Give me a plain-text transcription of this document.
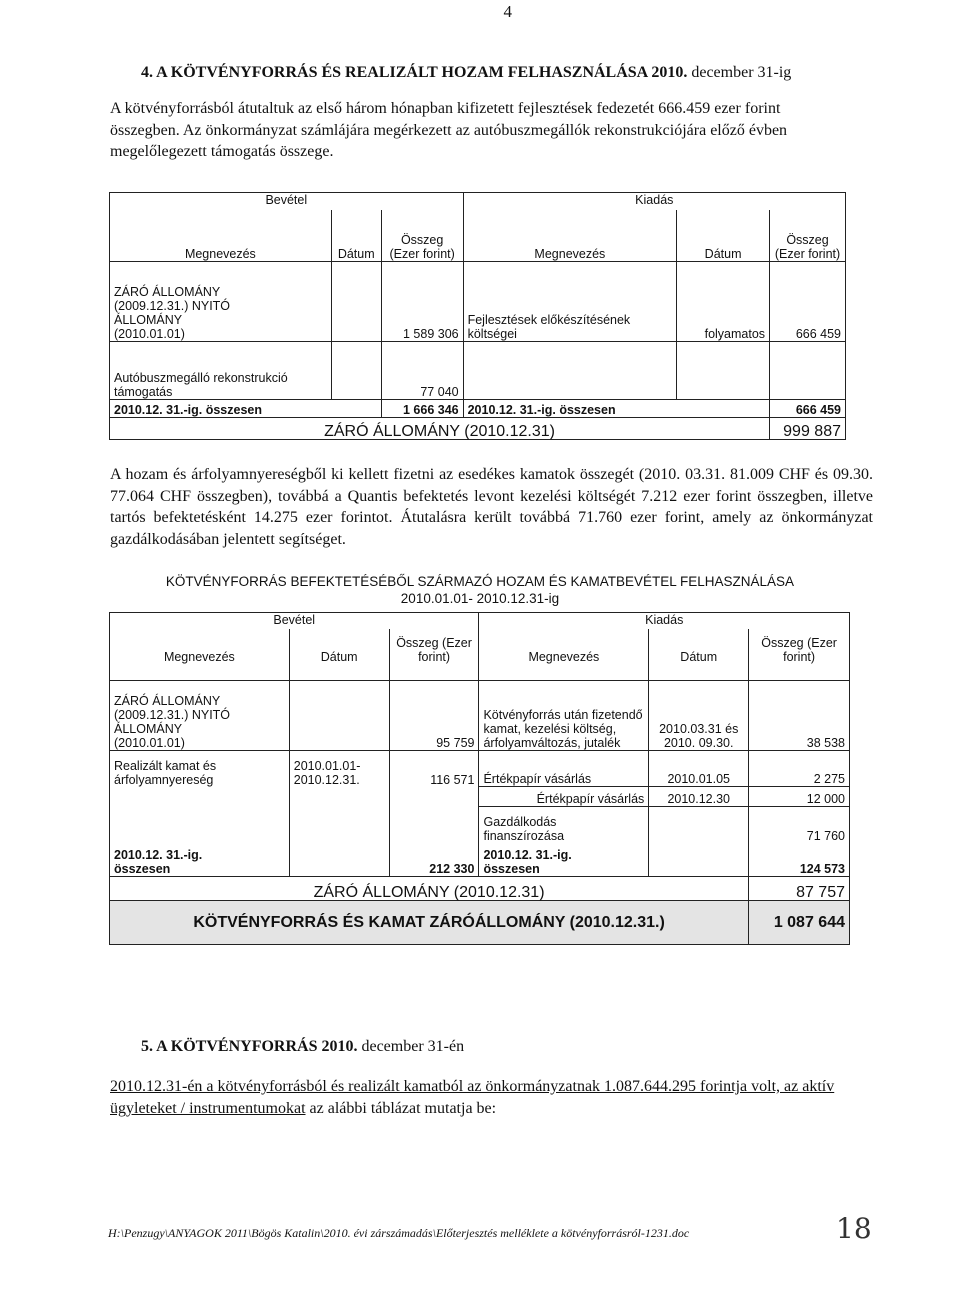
4
4. A KÖTVÉNYFORRÁS ÉS REALIZÁLT HOZAM FELHASZNÁLÁSA 2010. december 31-ig

A kötvényforrásból átutaltuk az első három hónapban kifizetett fejlesztések fedezetét 666.459 ezer forint összegben. Az önkormányzat számlájára megérkezett az autóbuszmegállók rekonstrukciójára előző évben megelőlegezett támogatás összege.

Bevétel			Kiadás		
Megnevezés	Dátum	Összeg (Ezer forint)	Megnevezés	Dátum	Összeg (Ezer forint)
ZÁRÓ ÁLLOMÁNY (2009.12.31.) NYITÓ ÁLLOMÁNY (2010.01.01)		1 589 306	Fejlesztések előkészítésének költségei	folyamatos	666 459
Autóbuszmegálló rekonstrukció támogatás		77 040			
2010.12. 31.-ig. összesen		1 666 346	2010.12. 31.-ig. összesen		666 459
ZÁRÓ ÁLLOMÁNY (2010.12.31)					999 887

A hozam és árfolyamnyereségből ki kellett fizetni az esedékes kamatok összegét (2010. 03.31. 81.009 CHF és 09.30. 77.064 CHF összegben), továbbá a Quantis befektetés levont kezelési költségét 7.212 ezer forint összegben, illetve tartós befektetésként 14.275 ezer forintot. Átutalásra került továbbá 71.760 ezer forint, amely az önkormányzat gazdálkodásában jelentett segítséget.

KÖTVÉNYFORRÁS BEFEKTETÉSÉBŐL SZÁRMAZÓ HOZAM ÉS KAMATBEVÉTEL FELHASZNÁLÁSA
2010.01.01- 2010.12.31-ig
Bevétel			Kiadás		
Megnevezés	Dátum	Összeg (Ezer forint)	Megnevezés	Dátum	Összeg (Ezer forint)
ZÁRÓ ÁLLOMÁNY (2009.12.31.) NYITÓ ÁLLOMÁNY (2010.01.01)		95 759	Kötvényforrás után fizetendő kamat, kezelési költség, árfolyamváltozás, jutalék	2010.03.31 és 2010. 09.30.	38 538
Realizált kamat és árfolyamnyereség	2010.01.01- 2010.12.31.	116 571	Értékpapír vásárlás	2010.01.05	2 275
			Értékpapír vásárlás	2010.12.30	12 000
			Gazdálkodás finanszírozása		71 760
2010.12. 31.-ig. összesen		212 330	2010.12. 31.-ig. összesen		124 573
ZÁRÓ ÁLLOMÁNY (2010.12.31)					87 757
KÖTVÉNYFORRÁS ÉS KAMAT ZÁRÓÁLLOMÁNY (2010.12.31.)					1 087 644
5. A KÖTVÉNYFORRÁS 2010. december 31-én

2010.12.31-én a kötvényforrásból és realizált kamatból az önkormányzatnak 1.087.644.295 forintja volt, az aktív ügyleteket / instrumentumokat az alábbi táblázat mutatja be:

H:\Penzugy\ANYAGOK 2011\Bögös Katalin\2010. évi zárszámadás\Előterjesztés melléklete a kötvényforrásról-1231.doc	18
